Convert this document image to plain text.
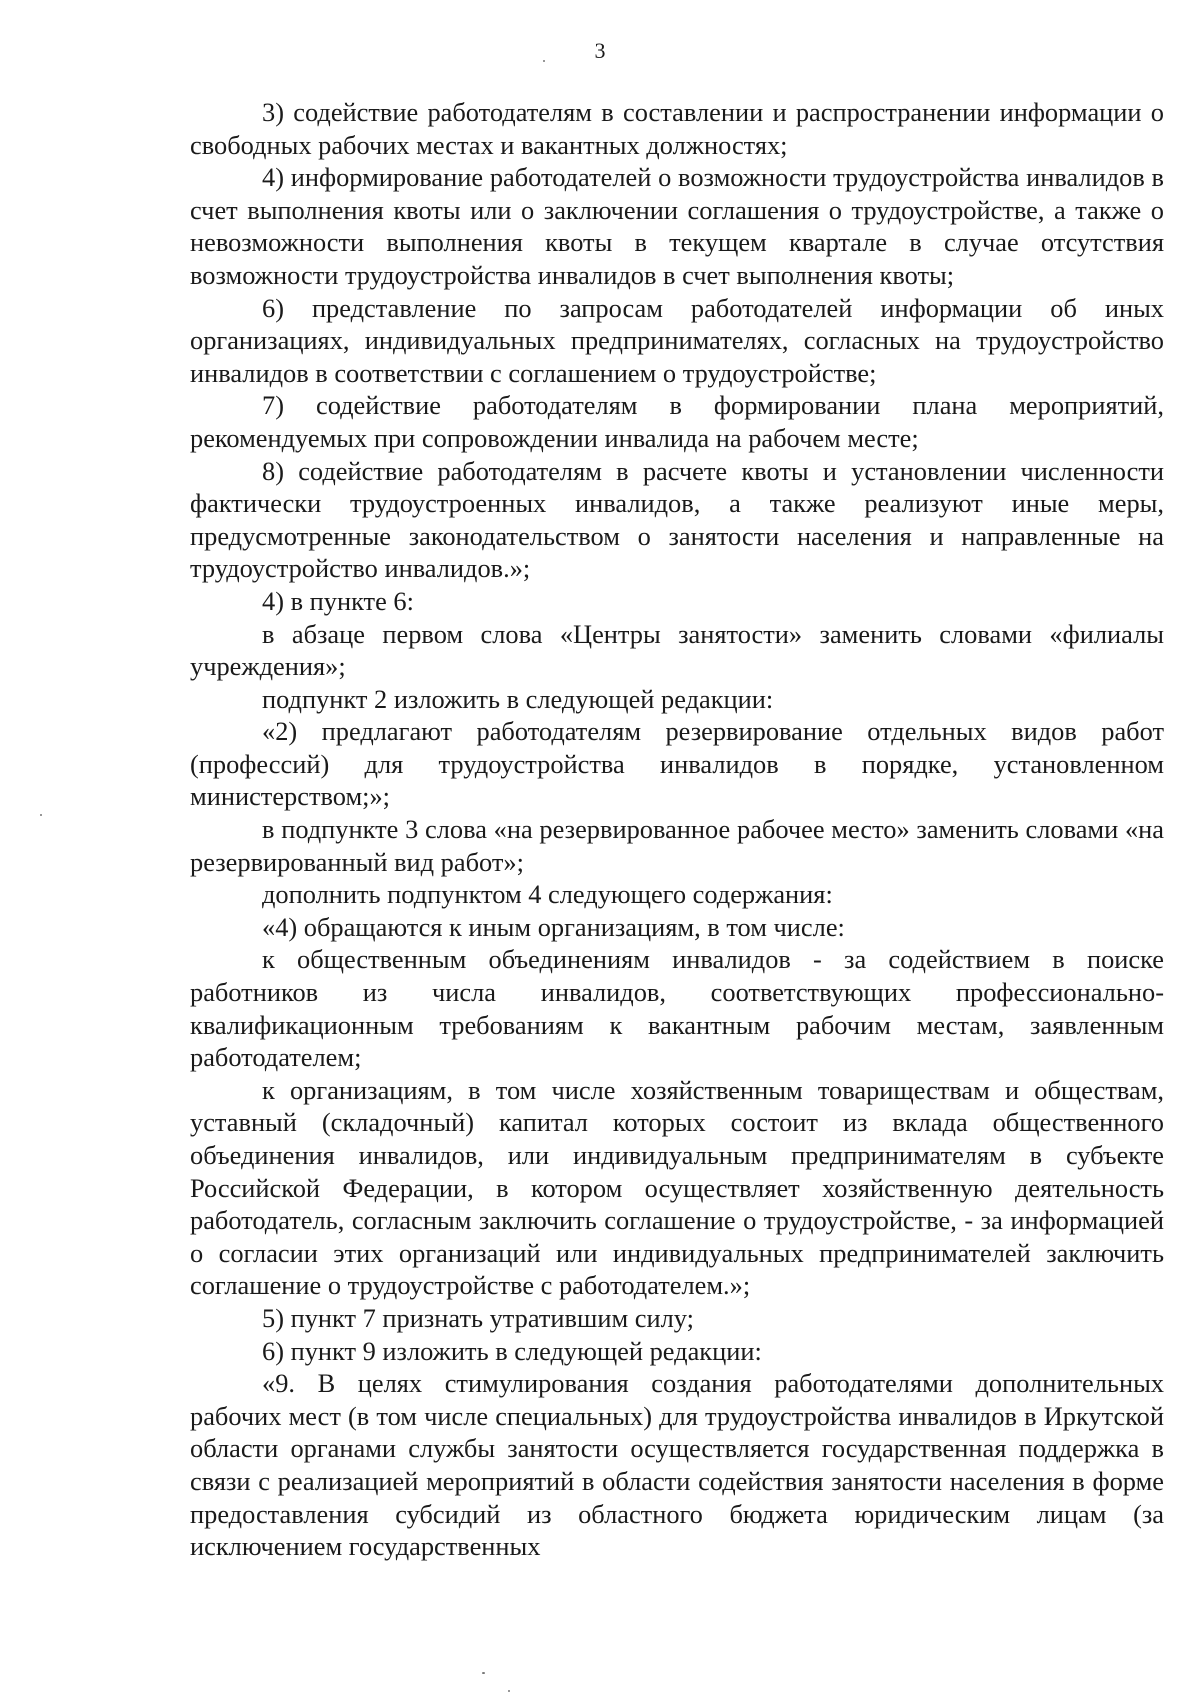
3

3) содействие работодателям в составлении и распространении информации о свободных рабочих местах и вакантных должностях;

4) информирование работодателей о возможности трудоустройства инвалидов в счет выполнения квоты или о заключении соглашения о трудоустройстве, а также о невозможности выполнения квоты в текущем квартале в случае отсутствия возможности трудоустройства инвалидов в счет выполнения квоты;

6) представление по запросам работодателей информации об иных организациях, индивидуальных предпринимателях, согласных на трудоустройство инвалидов в соответствии с соглашением о трудоустройстве;

7) содействие работодателям в формировании плана мероприятий, рекомендуемых при сопровождении инвалида на рабочем месте;

8) содействие работодателям в расчете квоты и установлении численности фактически трудоустроенных инвалидов, а также реализуют иные меры, предусмотренные законодательством о занятости населения и направленные на трудоустройство инвалидов.»;

4) в пункте 6:

в абзаце первом слова «Центры занятости» заменить словами «филиалы учреждения»;

подпункт 2 изложить в следующей редакции:

«2) предлагают работодателям резервирование отдельных видов работ (профессий) для трудоустройства инвалидов в порядке, установленном министерством;»;

в подпункте 3 слова «на резервированное рабочее место» заменить словами «на резервированный вид работ»;

дополнить подпунктом 4 следующего содержания:

«4) обращаются к иным организациям, в том числе:

к общественным объединениям инвалидов - за содействием в поиске работников из числа инвалидов, соответствующих профессионально-квалификационным требованиям к вакантным рабочим местам, заявленным работодателем;

к организациям, в том числе хозяйственным товариществам и обществам, уставный (складочный) капитал которых состоит из вклада общественного объединения инвалидов, или индивидуальным предпринимателям в субъекте Российской Федерации, в котором осуществляет хозяйственную деятельность работодатель, согласным заключить соглашение о трудоустройстве, - за информацией о согласии этих организаций или индивидуальных предпринимателей заключить соглашение о трудоустройстве с работодателем.»;

5) пункт 7 признать утратившим силу;

6) пункт 9 изложить в следующей редакции:

«9. В целях стимулирования создания работодателями дополнительных рабочих мест (в том числе специальных) для трудоустройства инвалидов в Иркутской области органами службы занятости осуществляется государственная поддержка в связи с реализацией мероприятий в области содействия занятости населения в форме предоставления субсидий из областного бюджета юридическим лицам (за исключением государственных
